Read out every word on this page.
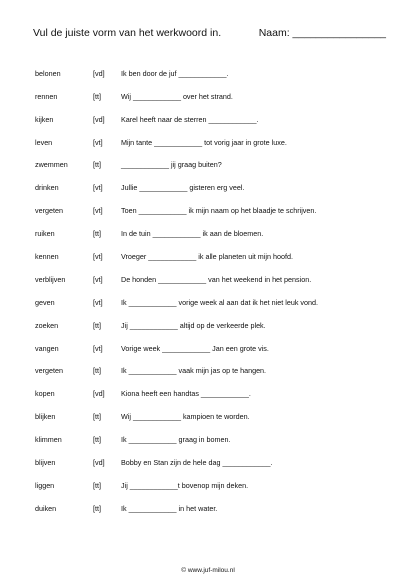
Vul de juiste vorm van het werkwoord in.	Naam: ________________
belonen	[vd]	Ik ben door de juf ____________.
rennen	[tt]	Wij ____________ over het strand.
kijken	[vd]	Karel heeft naar de sterren ____________.
leven	[vt]	Mijn tante ____________ tot vorig jaar in grote luxe.
zwemmen	[tt]	____________ jij graag buiten?
drinken	[vt]	Jullie ____________ gisteren erg veel.
vergeten	[vt]	Toen ____________ ik mijn naam op het blaadje te schrijven.
ruiken	[tt]	In de tuin ____________ ik aan de bloemen.
kennen	[vt]	Vroeger ____________ ik alle planeten uit mijn hoofd.
verblijven	[vt]	De honden ____________ van het weekend in het pension.
geven	[vt]	Ik ____________ vorige week al aan dat ik het niet leuk vond.
zoeken	[tt]	Jij ____________ altijd op de verkeerde plek.
vangen	[vt]	Vorige week ____________ Jan een grote vis.
vergeten	[tt]	Ik ____________ vaak mijn jas op te hangen.
kopen	[vd]	Kiona heeft een handtas ____________.
blijken	[tt]	Wij ____________ kampioen te worden.
klimmen	[tt]	Ik ____________ graag in bomen.
blijven	[vd]	Bobby en Stan zijn de hele dag ____________.
liggen	[tt]	Jij ____________t bovenop mijn deken.
duiken	[tt]	Ik ____________ in het water.
© www.juf-milou.nl
